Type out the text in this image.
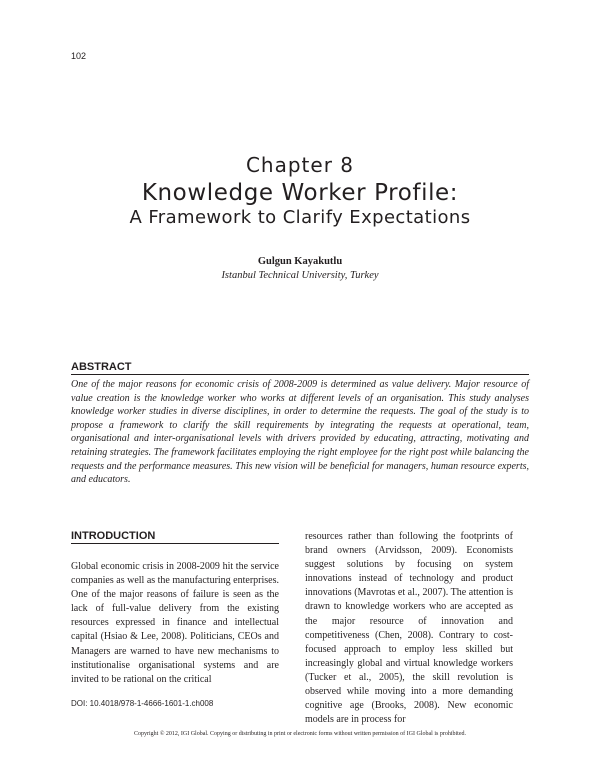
102
Chapter 8
Knowledge Worker Profile:
A Framework to Clarify Expectations
Gulgun Kayakutlu
Istanbul Technical University, Turkey
ABSTRACT
One of the major reasons for economic crisis of 2008-2009 is determined as value delivery. Major resource of value creation is the knowledge worker who works at different levels of an organisation. This study analyses knowledge worker studies in diverse disciplines, in order to determine the requests. The goal of the study is to propose a framework to clarify the skill requirements by integrating the requests at operational, team, organisational and inter-organisational levels with drivers provided by educating, attracting, motivating and retaining strategies. The framework facilitates employing the right employee for the right post while balancing the requests and the performance measures. This new vision will be beneficial for managers, human resource experts, and educators.
INTRODUCTION
Global economic crisis in 2008-2009 hit the service companies as well as the manufacturing enterprises. One of the major reasons of failure is seen as the lack of full-value delivery from the existing resources expressed in finance and intellectual capital (Hsiao & Lee, 2008). Politicians, CEOs and Managers are warned to have new mechanisms to institutionalise organisational systems and are invited to be rational on the critical
resources rather than following the footprints of brand owners (Arvidsson, 2009). Economists suggest solutions by focusing on system innovations instead of technology and product innovations (Mavrotas et al., 2007). The attention is drawn to knowledge workers who are accepted as the major resource of innovation and competitiveness (Chen, 2008). Contrary to cost-focused approach to employ less skilled but increasingly global and virtual knowledge workers (Tucker et al., 2005), the skill revolution is observed while moving into a more demanding cognitive age (Brooks, 2008). New economic models are in process for
DOI: 10.4018/978-1-4666-1601-1.ch008
Copyright © 2012, IGI Global. Copying or distributing in print or electronic forms without written permission of IGI Global is prohibited.
